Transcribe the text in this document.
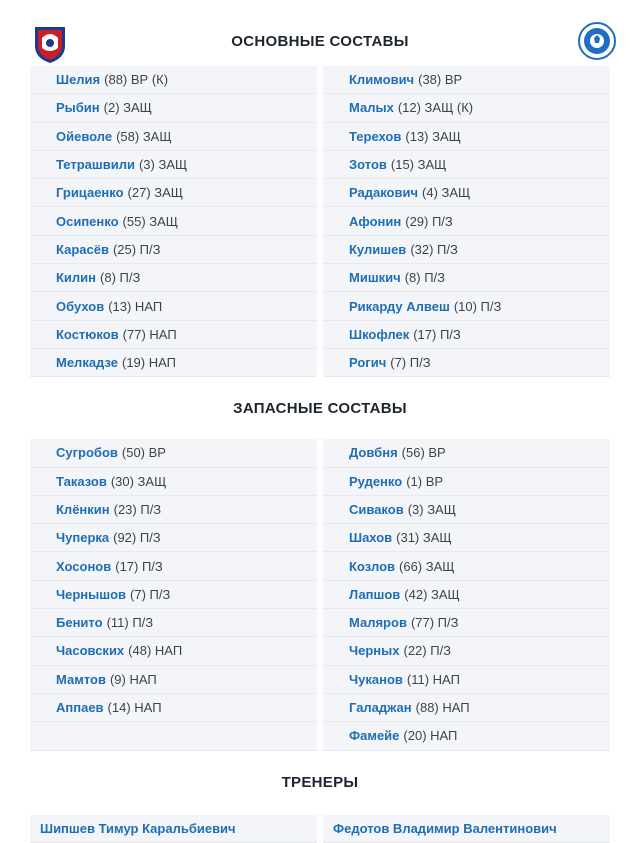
ОСНОВНЫЕ СОСТАВЫ
Шелия (88) ВР (К)
Рыбин (2) ЗАЩ
Ойеволе (58) ЗАЩ
Тетрашвили (3) ЗАЩ
Грицаенко (27) ЗАЩ
Осипенко (55) ЗАЩ
Карасёв (25) П/З
Килин (8) П/З
Обухов (13) НАП
Костюков (77) НАП
Мелкадзе (19) НАП
Климович (38) ВР
Малых (12) ЗАЩ (К)
Терехов (13) ЗАЩ
Зотов (15) ЗАЩ
Радакович (4) ЗАЩ
Афонин (29) П/З
Кулишев (32) П/З
Мишкич (8) П/З
Рикарду Алвеш (10) П/З
Шкофлек (17) П/З
Рогич (7) П/З
ЗАПАСНЫЕ СОСТАВЫ
Сугробов (50) ВР
Таказов (30) ЗАЩ
Клёнкин (23) П/З
Чуперка (92) П/З
Хосонов (17) П/З
Чернышов (7) П/З
Бенито (11) П/З
Часовских (48) НАП
Мамтов (9) НАП
Аппаев (14) НАП
Довбня (56) ВР
Руденко (1) ВР
Сиваков (3) ЗАЩ
Шахов (31) ЗАЩ
Козлов (66) ЗАЩ
Лапшов (42) ЗАЩ
Маляров (77) П/З
Черных (22) П/З
Чуканов (11) НАП
Галаджан (88) НАП
Фамейе (20) НАП
ТРЕНЕРЫ
Шипшев Тимур Каральбиевич	Федотов Владимир Валентинович
